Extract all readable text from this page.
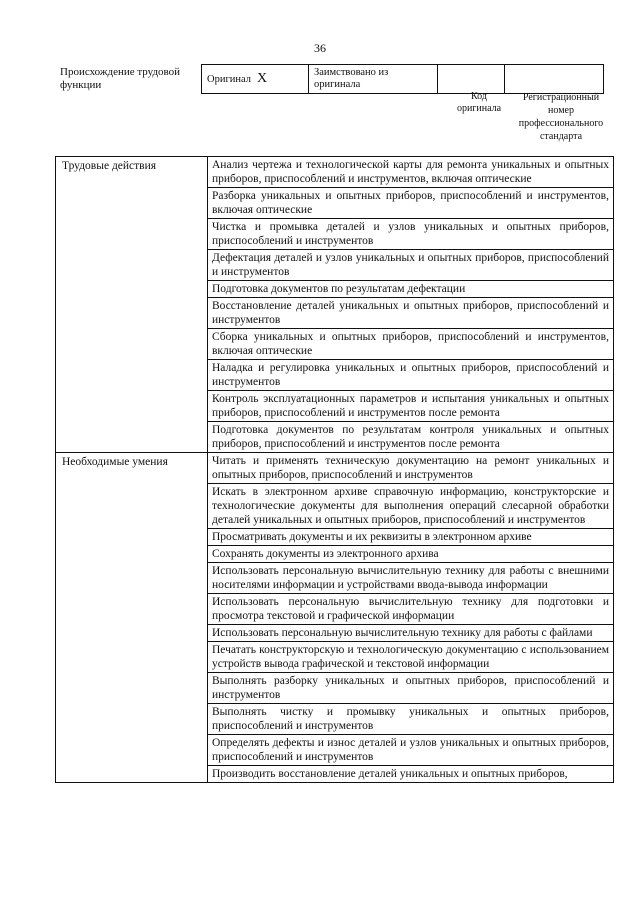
36
Происхождение трудовой функции	Оригинал X	Заимствовано из оригинала		
Код оригинала
Регистрационный номер профессионального стандарта
Трудовые действия	Анализ чертежа и технологической карты для ремонта уникальных и опытных приборов, приспособлений и инструментов, включая оптические
	Разборка уникальных и опытных приборов, приспособлений и инструментов, включая оптические
	Чистка и промывка деталей и узлов уникальных и опытных приборов, приспособлений и инструментов
	Дефектация деталей и узлов уникальных и опытных приборов, приспособлений и инструментов
	Подготовка документов по результатам дефектации
	Восстановление деталей уникальных и опытных приборов, приспособлений и инструментов
	Сборка уникальных и опытных приборов, приспособлений и инструментов, включая оптические
	Наладка и регулировка уникальных и опытных приборов, приспособлений и инструментов
	Контроль эксплуатационных параметров и испытания уникальных и опытных приборов, приспособлений и инструментов после ремонта
	Подготовка документов по результатам контроля уникальных и опытных приборов, приспособлений и инструментов после ремонта
Необходимые умения	Читать и применять техническую документацию на ремонт уникальных и опытных приборов, приспособлений и инструментов
	Искать в электронном архиве справочную информацию, конструкторские и технологические документы для выполнения операций слесарной обработки деталей уникальных и опытных приборов, приспособлений и инструментов
	Просматривать документы и их реквизиты в электронном архиве
	Сохранять документы из электронного архива
	Использовать персональную вычислительную технику для работы с внешними носителями информации и устройствами ввода-вывода информации
	Использовать персональную вычислительную технику для подготовки и просмотра текстовой и графической информации
	Использовать персональную вычислительную технику для работы с файлами
	Печатать конструкторскую и технологическую документацию с использованием устройств вывода графической и текстовой информации
	Выполнять разборку уникальных и опытных приборов, приспособлений и инструментов
	Выполнять чистку и промывку уникальных и опытных приборов, приспособлений и инструментов
	Определять дефекты и износ деталей и узлов уникальных и опытных приборов, приспособлений и инструментов
	Производить восстановление деталей уникальных и опытных приборов,
